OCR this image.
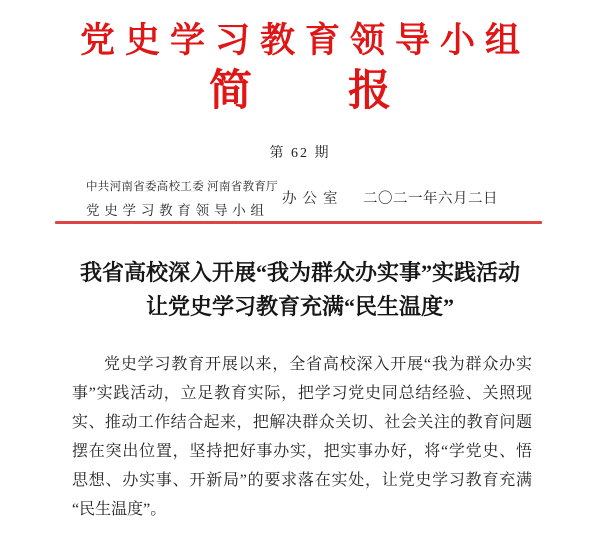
党史学习教育领导小组
简 报
第 62 期
中共河南省委高校工委 河南省教育厅
党史学习教育领导小组
办公室 二〇二一年六月二日
我省高校深入开展“我为群众办实事”实践活动
让党史学习教育充满“民生温度”
党史学习教育开展以来，全省高校深入开展“我为群众办实
事”实践活动，立足教育实际，把学习党史同总结经验、关照现
实、推动工作结合起来，把解决群众关切、社会关注的教育问题
摆在突出位置，坚持把好事办实，把实事办好，将“学党史、悟
思想、办实事、开新局”的要求落在实处，让党史学习教育充满
“民生温度”。
